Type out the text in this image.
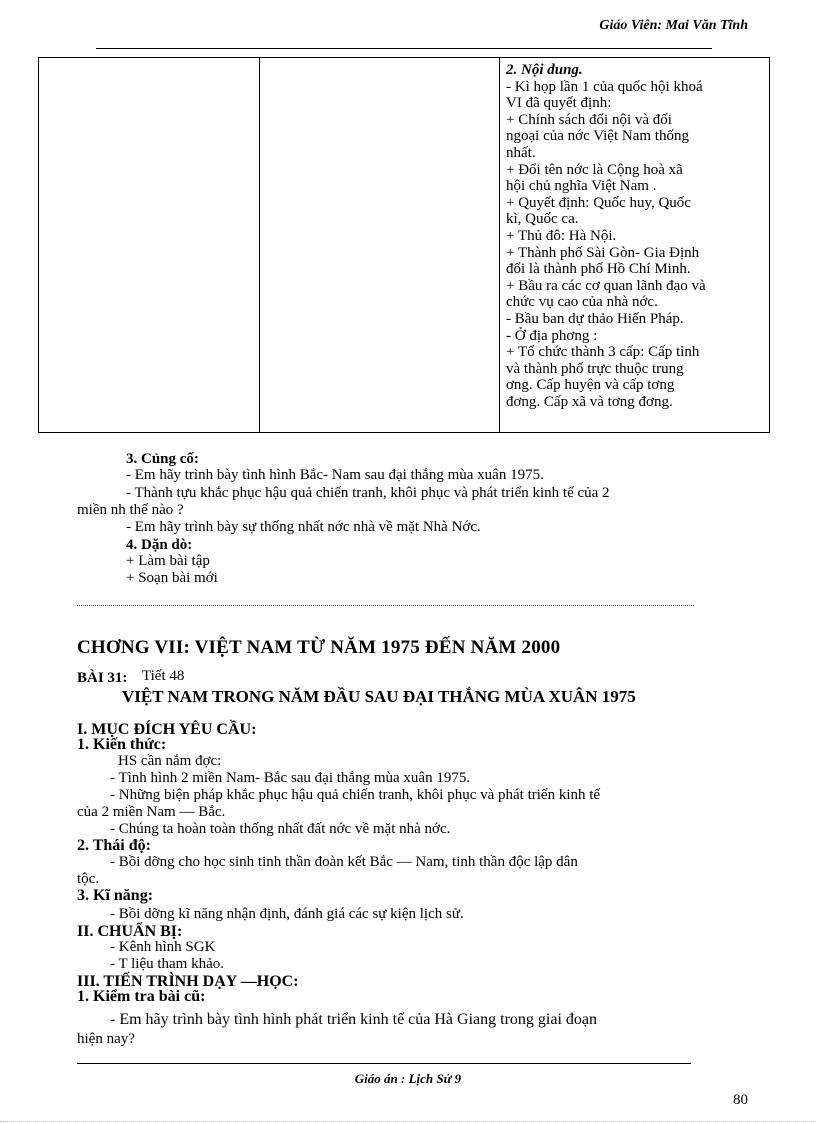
Giáo Viên: Mai Văn Tĩnh

2. Nội dung.
- Kì họp lần 1 của quốc hội khoá
VI đã quyết định:
+ Chính sách đối nội và đối
ngoại của nớc Việt Nam thống
nhất.
+ Đổi tên nớc là Cộng hoà xã
hội chủ nghĩa Việt Nam .
+ Quyết định: Quốc huy, Quốc
kì, Quốc ca.
+ Thủ đô: Hà Nội.
+ Thành phố Sài Gòn- Gia Định
đổi là thành phố Hồ Chí Minh.
+ Bầu ra các cơ quan lãnh đạo và
chức vụ cao của nhà nớc.
- Bầu ban dự thảo Hiến Pháp.
- Ở địa phơng :
+ Tổ chức thành 3 cấp: Cấp tỉnh
và thành phố trực thuộc trung
ơng. Cấp huyện và cấp tơng
đơng. Cấp xã và tơng đơng.
3. Củng cố:
- Em hãy trình bày tình hình Bắc- Nam sau đại thắng mùa xuân 1975.
- Thành tựu khắc phục hậu quả chiến tranh, khôi phục và phát triển kinh tế của 2
miền nh thế nào ?
- Em hãy trình bày sự thống nhất nớc nhà về mặt Nhà Nớc.
4. Dặn dò:
+ Làm bài tập
+ Soạn bài mới
CHƠNG VII: VIỆT NAM TỪ NĂM 1975 ĐẾN NĂM 2000
BÀI 31: Tiết 48
VIỆT NAM TRONG NĂM ĐẦU SAU ĐẠI THẮNG MÙA XUÂN 1975
I. MỤC ĐÍCH YÊU CẦU:
1. Kiến thức:
HS cần nắm đợc:
- Tình hình 2 miền Nam- Bắc sau đại thắng mùa xuân 1975.
- Những biện pháp khắc phục hậu quả chiến tranh, khôi phục và phát triển kinh tế
của 2 miền Nam — Bắc.
- Chúng ta hoàn toàn thống nhất đất nớc về mặt nhà nớc.
2. Thái độ:
- Bồi dỡng cho học sinh tinh thần đoàn kết Bắc — Nam, tinh thần độc lập dân
tộc.
3. Kĩ năng:
- Bồi dỡng kĩ năng nhận định, đánh giá các sự kiện lịch sử.
II. CHUẨN BỊ:
- Kênh hình SGK
- T liệu tham khảo.
III. TIẾN TRÌNH DẠY —HỌC:
1. Kiểm tra bài cũ:
- Em hãy trình bày tình hình phát triển kinh tế của Hà Giang trong giai đoạn
hiện nay?
Giáo án : Lịch Sử 9
80
